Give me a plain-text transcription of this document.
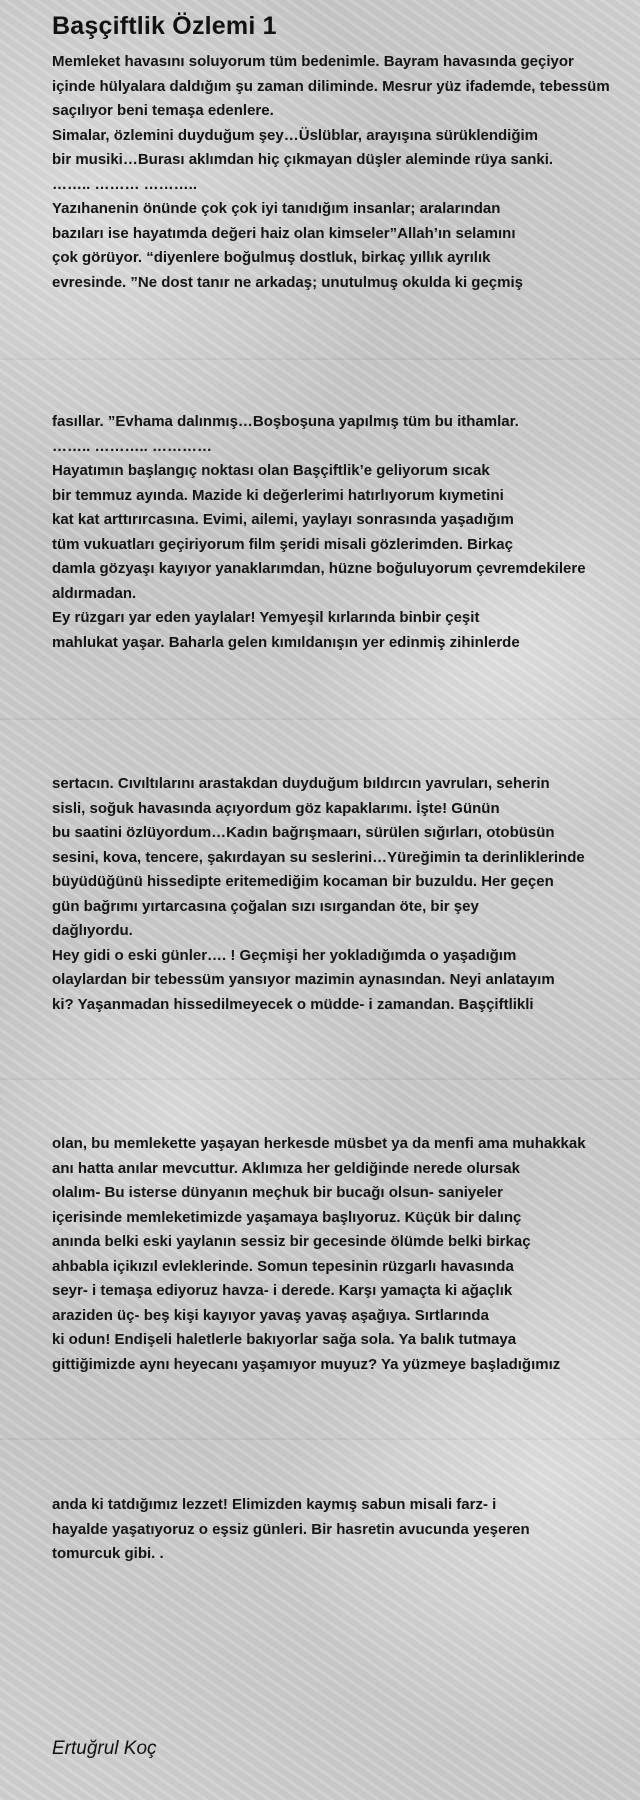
Başçiftlik Özlemi 1
Memleket havasını soluyorum tüm bedenimle. Bayram havasında geçiyor
içinde hülyalara daldığım şu zaman diliminde. Mesrur yüz ifademde, tebessüm
saçılıyor beni temaşa edenlere.
Simalar, özlemini duyduğum şey…Üslüblar, arayışına sürüklendiğim
bir musiki…Burası aklımdan hiç çıkmayan düşler aleminde rüya sanki.
…….. ……… ………..
Yazıhanenin önünde çok çok iyi tanıdığım insanlar; aralarından
bazıları ise hayatımda değeri haiz olan kimseler”Allah’ın selamını
çok görüyor. “diyenlere boğulmuş dostluk, birkaç yıllık ayrılık
evresinde. ”Ne dost tanır ne arkadaş; unutulmuş okulda ki geçmiş
fasıllar. ”Evhama dalınmış…Boşboşuna yapılmış tüm bu ithamlar.
…….. ……….. …………
Hayatımın başlangıç noktası olan Başçiftlik’e geliyorum sıcak
bir temmuz ayında. Mazide ki değerlerimi hatırlıyorum kıymetini
kat kat arttırırcasına. Evimi, ailemi, yaylayı sonrasında yaşadığım
tüm vukuatları geçiriyorum film şeridi misali gözlerimden. Birkaç
damla gözyaşı kayıyor yanaklarımdan, hüzne boğuluyorum çevremdekilere
aldırmadan.
Ey rüzgarı yar eden yaylalar! Yemyeşil kırlarında binbir çeşit
mahlukat yaşar. Baharla gelen kımıldanışın yer edinmiş zihinlerde
sertacın. Cıvıltılarını arastakdan duyduğum bıldırcın yavruları, seherin
sisli, soğuk havasında açıyordum göz kapaklarımı. İşte! Günün
bu saatini özlüyordum…Kadın bağrışmaarı, sürülen sığırları, otobüsün
sesini, kova, tencere, şakırdayan su seslerini…Yüreğimin ta derinliklerinde
büyüdüğünü hissedipte eritemediğim kocaman bir buzuldu. Her geçen
gün bağrımı yırtarcasına çoğalan sızı ısırgandan öte, bir şey
dağlıyordu.
Hey gidi o eski günler…. ! Geçmişi her yokladığımda o yaşadığım
olaylardan bir tebessüm yansıyor mazimin aynasından. Neyi anlatayım
ki? Yaşanmadan hissedilmeyecek o müdde- i zamandan. Başçiftlikli
olan, bu memlekette yaşayan herkesde müsbet ya da menfi ama muhakkak
anı hatta anılar mevcuttur. Aklımıza her geldiğinde nerede olursak
olalım- Bu isterse dünyanın meçhuk bir bucağı olsun- saniyeler
içerisinde memleketimizde yaşamaya başlıyoruz. Küçük bir dalınç
anında belki eski yaylanın sessiz bir gecesinde ölümde belki birkaç
ahbabla içikızıl evleklerinde. Somun tepesinin rüzgarlı havasında
seyr- i temaşa ediyoruz havza- i derede. Karşı yamaçta ki ağaçlık
araziden üç- beş kişi kayıyor yavaş yavaş aşağıya. Sırtlarında
ki odun! Endişeli haletlerle bakıyorlar sağa sola. Ya balık tutmaya
gittiğimizde aynı heyecanı yaşamıyor muyuz? Ya yüzmeye başladığımız
anda ki tatdığımız lezzet! Elimizden kaymış sabun misali farz- i
hayalde yaşatıyoruz o eşsiz günleri. Bir hasretin avucunda yeşeren
tomurcuk gibi. .

Ertuğrul Koç
